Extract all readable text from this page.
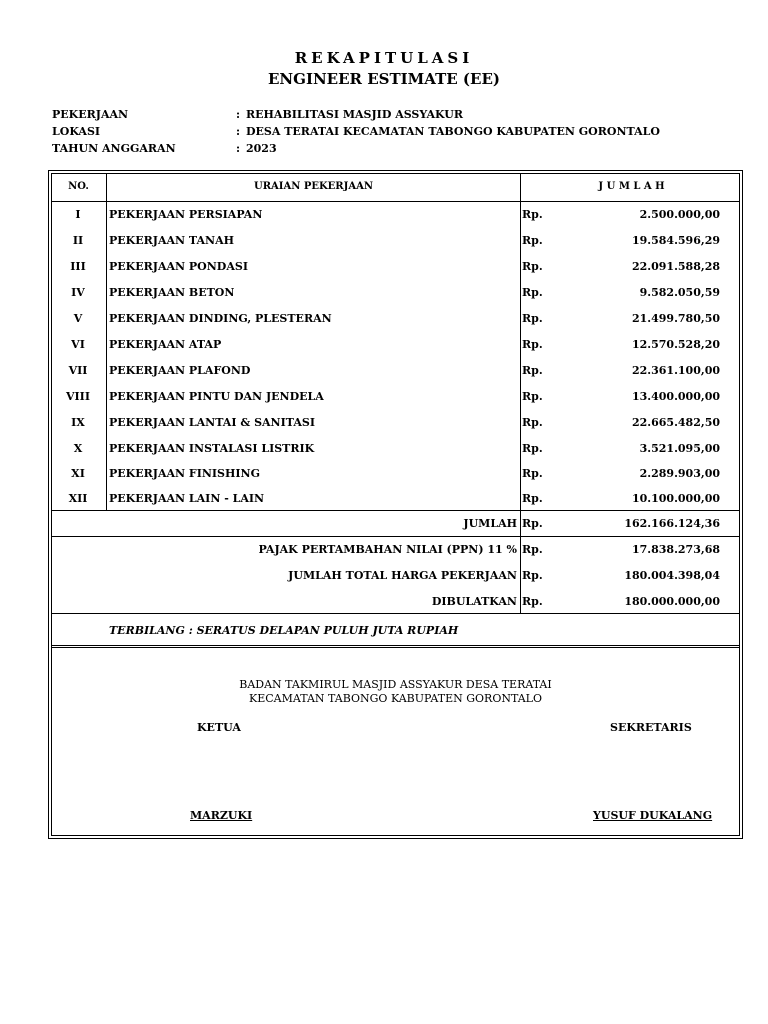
REKAPITULASI
ENGINEER ESTIMATE (EE)
PEKERJAAN	: REHABILITASI MASJID ASSYAKUR
LOKASI	: DESA TERATAI KECAMATAN TABONGO KABUPATEN GORONTALO
TAHUN ANGGARAN	: 2023
NO.	URAIAN PEKERJAAN	J U M L A H
I	PEKERJAAN PERSIAPAN	Rp.	2.500.000,00
II	PEKERJAAN TANAH	Rp.	19.584.596,29
III	PEKERJAAN PONDASI	Rp.	22.091.588,28
IV	PEKERJAAN BETON	Rp.	9.582.050,59
V	PEKERJAAN DINDING, PLESTERAN	Rp.	21.499.780,50
VI	PEKERJAAN ATAP	Rp.	12.570.528,20
VII	PEKERJAAN PLAFOND	Rp.	22.361.100,00
VIII	PEKERJAAN PINTU DAN JENDELA	Rp.	13.400.000,00
IX	PEKERJAAN LANTAI & SANITASI	Rp.	22.665.482,50
X	PEKERJAAN INSTALASI LISTRIK	Rp.	3.521.095,00
XI	PEKERJAAN FINISHING	Rp.	2.289.903,00
XII	PEKERJAAN LAIN - LAIN	Rp.	10.100.000,00
JUMLAH Rp.	162.166.124,36
PAJAK PERTAMBAHAN NILAI (PPN) 11 % Rp.	17.838.273,68
JUMLAH TOTAL HARGA PEKERJAAN Rp.	180.004.398,04
DIBULATKAN Rp.	180.000.000,00
TERBILANG : SERATUS DELAPAN PULUH JUTA RUPIAH
BADAN TAKMIRUL MASJID ASSYAKUR DESA TERATAI
KECAMATAN TABONGO KABUPATEN GORONTALO
KETUA	SEKRETARIS
MARZUKI	YUSUF DUKALANG
